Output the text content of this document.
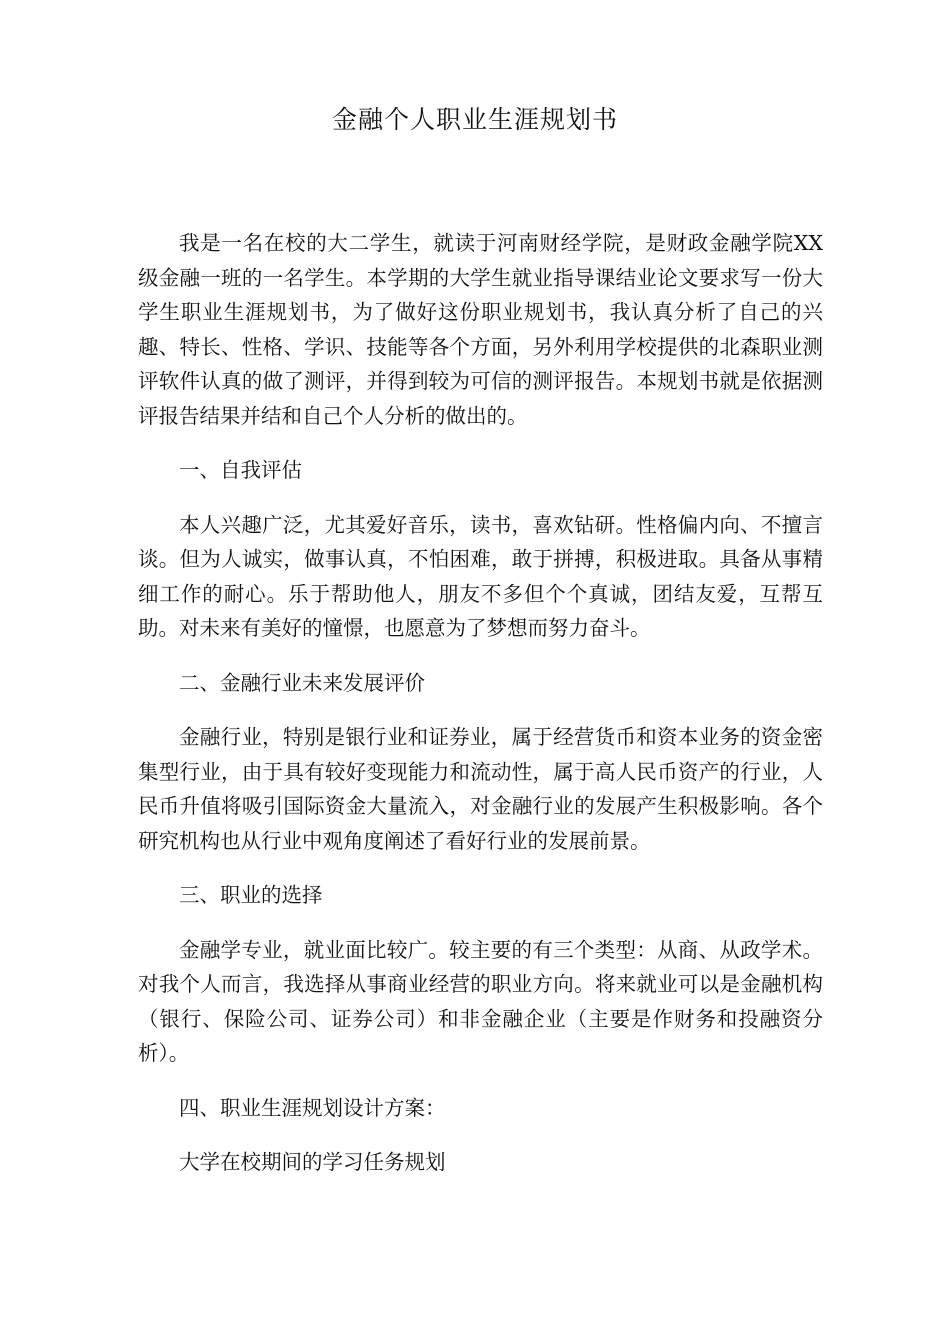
金融个人职业生涯规划书

我是一名在校的大二学生，就读于河南财经学院，是财政金融学院XX级金融一班的一名学生。本学期的大学生就业指导课结业论文要求写一份大学生职业生涯规划书，为了做好这份职业规划书，我认真分析了自己的兴趣、特长、性格、学识、技能等各个方面，另外利用学校提供的北森职业测评软件认真的做了测评，并得到较为可信的测评报告。本规划书就是依据测评报告结果并结和自己个人分析的做出的。

一、自我评估

本人兴趣广泛，尤其爱好音乐，读书，喜欢钻研。性格偏内向、不擅言谈。但为人诚实，做事认真，不怕困难，敢于拼搏，积极进取。具备从事精细工作的耐心。乐于帮助他人，朋友不多但个个真诚，团结友爱，互帮互助。对未来有美好的憧憬，也愿意为了梦想而努力奋斗。

二、金融行业未来发展评价

金融行业，特别是银行业和证券业，属于经营货币和资本业务的资金密集型行业，由于具有较好变现能力和流动性，属于高人民币资产的行业，人民币升值将吸引国际资金大量流入，对金融行业的发展产生积极影响。各个研究机构也从行业中观角度阐述了看好行业的发展前景。

三、职业的选择

金融学专业，就业面比较广。较主要的有三个类型：从商、从政学术。对我个人而言，我选择从事商业经营的职业方向。将来就业可以是金融机构（银行、保险公司、证券公司）和非金融企业（主要是作财务和投融资分析）。

四、职业生涯规划设计方案：

大学在校期间的学习任务规划
